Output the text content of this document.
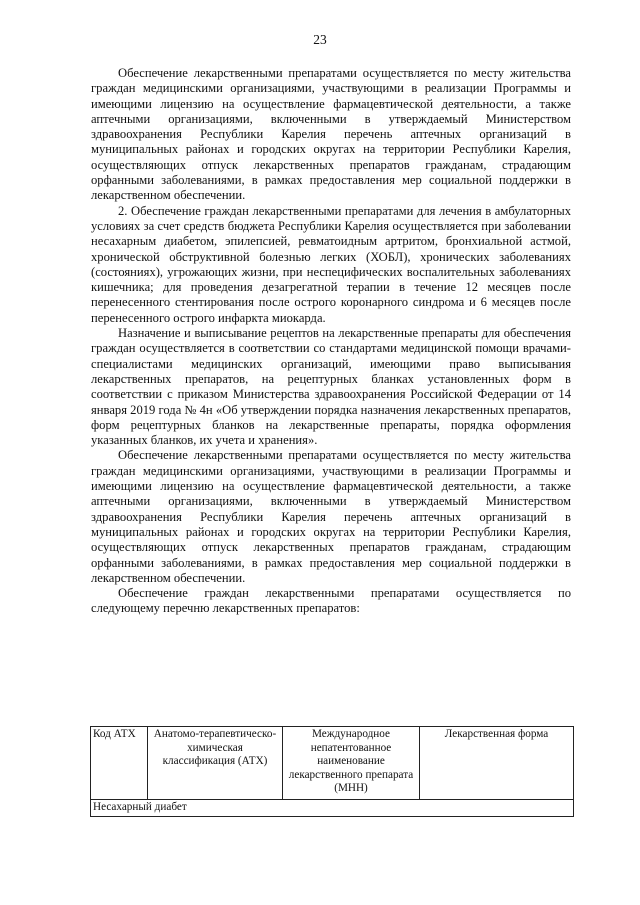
23

Обеспечение лекарственными препаратами осуществляется по месту жительства граждан медицинскими организациями, участвующими в реализации Программы и имеющими лицензию на осуществление фармацевтической деятельности, а также аптечными организациями, включенными в утверждаемый Министерством здравоохранения Республики Карелия перечень аптечных организаций в муниципальных районах и городских округах на территории Республики Карелия, осуществляющих отпуск лекарственных препаратов гражданам, страдающим орфанными заболеваниями, в рамках предоставления мер социальной поддержки в лекарственном обеспечении.

2. Обеспечение граждан лекарственными препаратами для лечения в амбулаторных условиях за счет средств бюджета Республики Карелия осуществляется при заболевании несахарным диабетом, эпилепсией, ревматоидным артритом, бронхиальной астмой, хронической обструктивной болезнью легких (ХОБЛ), хронических заболеваниях (состояниях), угрожающих жизни, при неспецифических воспалительных заболеваниях кишечника; для проведения дезагрегатной терапии в течение 12 месяцев после перенесенного стентирования после острого коронарного синдрома и 6 месяцев после перенесенного острого инфаркта миокарда.

Назначение и выписывание рецептов на лекарственные препараты для обеспечения граждан осуществляется в соответствии со стандартами медицинской помощи врачами-специалистами медицинских организаций, имеющими право выписывания лекарственных препаратов, на рецептурных бланках установленных форм в соответствии с приказом Министерства здравоохранения Российской Федерации от 14 января 2019 года № 4н «Об утверждении порядка назначения лекарственных препаратов, форм рецептурных бланков на лекарственные препараты, порядка оформления указанных бланков, их учета и хранения».

Обеспечение лекарственными препаратами осуществляется по месту жительства граждан медицинскими организациями, участвующими в реализации Программы и имеющими лицензию на осуществление фармацевтической деятельности, а также аптечными организациями, включенными в утверждаемый Министерством здравоохранения Республики Карелия перечень аптечных организаций в муниципальных районах и городских округах на территории Республики Карелия, осуществляющих отпуск лекарственных препаратов гражданам, страдающим орфанными заболеваниями, в рамках предоставления мер социальной поддержки в лекарственном обеспечении.

Обеспечение граждан лекарственными препаратами осуществляется по следующему перечню лекарственных препаратов:

Код АТХ	Анатомо-терапевтическо-химическая классификация (АТХ)	Международное непатентованное наименование лекарственного препарата (МНН)	Лекарственная форма
Несахарный диабет
